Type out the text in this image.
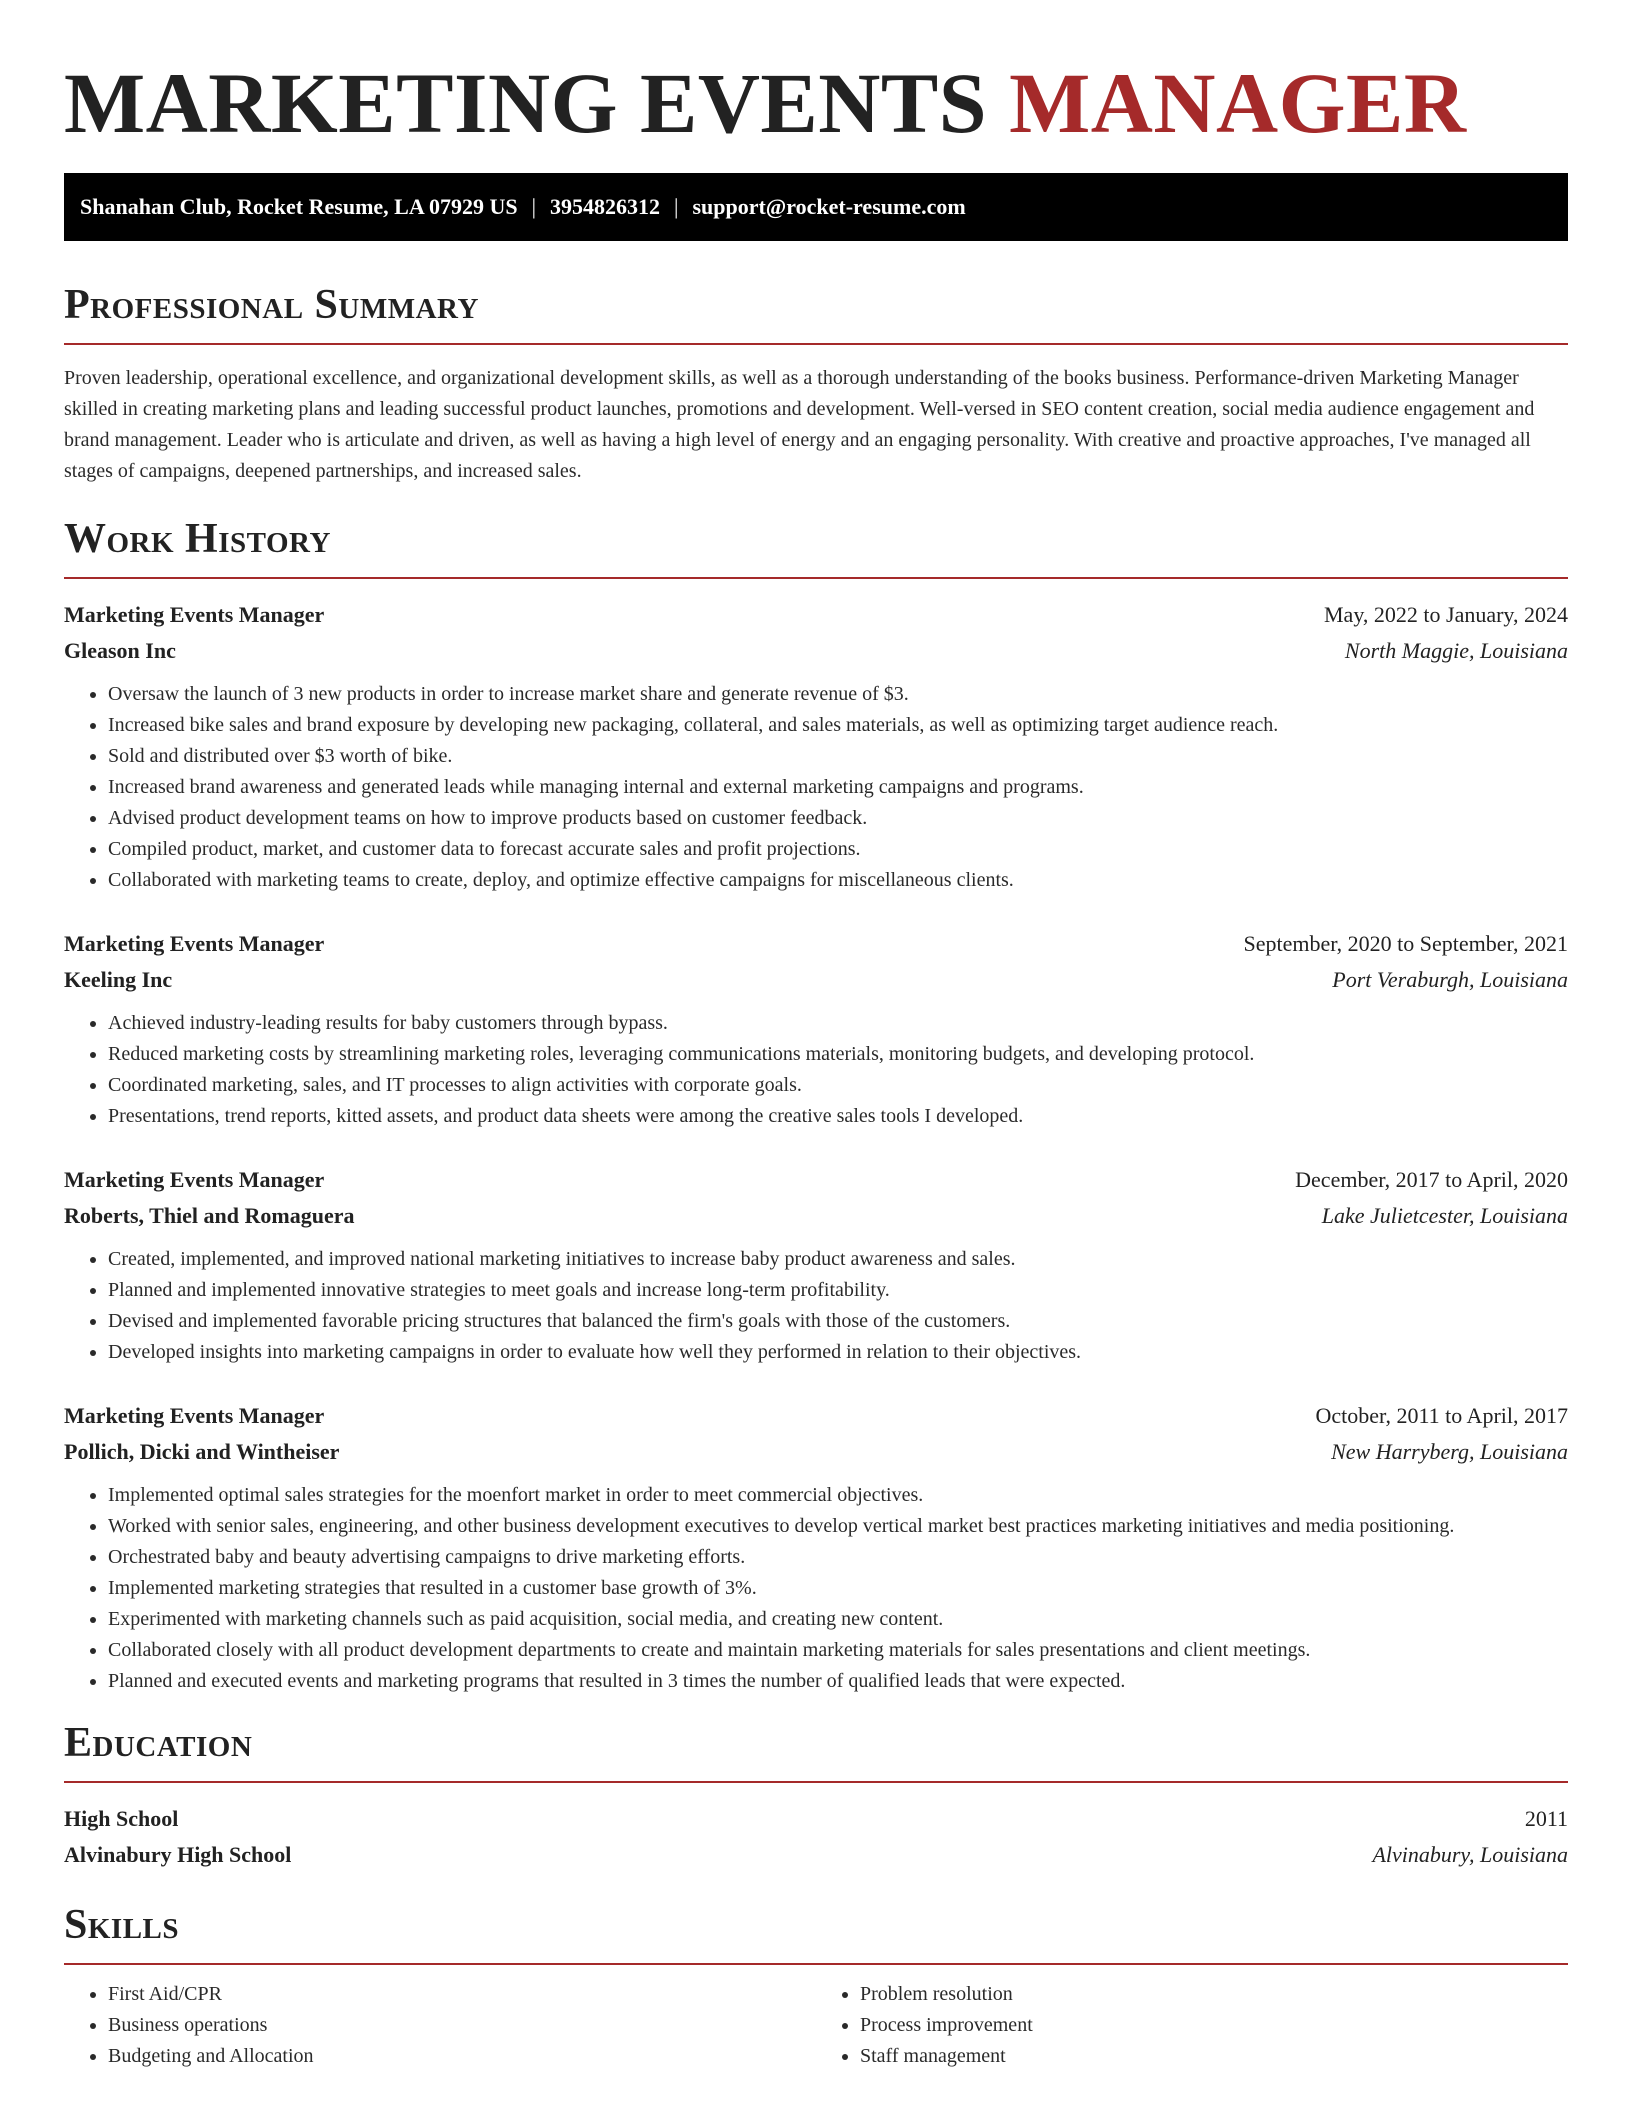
MARKETING EVENTS MANAGER
Shanahan Club, Rocket Resume, LA 07929 US | 3954826312 | support@rocket-resume.com
Professional Summary

Proven leadership, operational excellence, and organizational development skills, as well as a thorough understanding of the books business. Performance-driven Marketing Manager skilled in creating marketing plans and leading successful product launches, promotions and development. Well-versed in SEO content creation, social media audience engagement and brand management. Leader who is articulate and driven, as well as having a high level of energy and an engaging personality. With creative and proactive approaches, I've managed all stages of campaigns, deepened partnerships, and increased sales.

Work History
Marketing Events Manager	May, 2022 to January, 2024
Gleason Inc	North Maggie, Louisiana
• Oversaw the launch of 3 new products in order to increase market share and generate revenue of $3.
• Increased bike sales and brand exposure by developing new packaging, collateral, and sales materials, as well as optimizing target audience reach.
• Sold and distributed over $3 worth of bike.
• Increased brand awareness and generated leads while managing internal and external marketing campaigns and programs.
• Advised product development teams on how to improve products based on customer feedback.
• Compiled product, market, and customer data to forecast accurate sales and profit projections.
• Collaborated with marketing teams to create, deploy, and optimize effective campaigns for miscellaneous clients.
Marketing Events Manager	September, 2020 to September, 2021
Keeling Inc	Port Veraburgh, Louisiana
• Achieved industry-leading results for baby customers through bypass.
• Reduced marketing costs by streamlining marketing roles, leveraging communications materials, monitoring budgets, and developing protocol.
• Coordinated marketing, sales, and IT processes to align activities with corporate goals.
• Presentations, trend reports, kitted assets, and product data sheets were among the creative sales tools I developed.
Marketing Events Manager	December, 2017 to April, 2020
Roberts, Thiel and Romaguera	Lake Julietcester, Louisiana
• Created, implemented, and improved national marketing initiatives to increase baby product awareness and sales.
• Planned and implemented innovative strategies to meet goals and increase long-term profitability.
• Devised and implemented favorable pricing structures that balanced the firm's goals with those of the customers.
• Developed insights into marketing campaigns in order to evaluate how well they performed in relation to their objectives.
Marketing Events Manager	October, 2011 to April, 2017
Pollich, Dicki and Wintheiser	New Harryberg, Louisiana
• Implemented optimal sales strategies for the moenfort market in order to meet commercial objectives.
• Worked with senior sales, engineering, and other business development executives to develop vertical market best practices marketing initiatives and media positioning.
• Orchestrated baby and beauty advertising campaigns to drive marketing efforts.
• Implemented marketing strategies that resulted in a customer base growth of 3%.
• Experimented with marketing channels such as paid acquisition, social media, and creating new content.
• Collaborated closely with all product development departments to create and maintain marketing materials for sales presentations and client meetings.
• Planned and executed events and marketing programs that resulted in 3 times the number of qualified leads that were expected.
Education
High School	2011
Alvinabury High School	Alvinabury, Louisiana
Skills
• First Aid/CPR
• Business operations
• Budgeting and Allocation
• Problem resolution
• Process improvement
• Staff management
